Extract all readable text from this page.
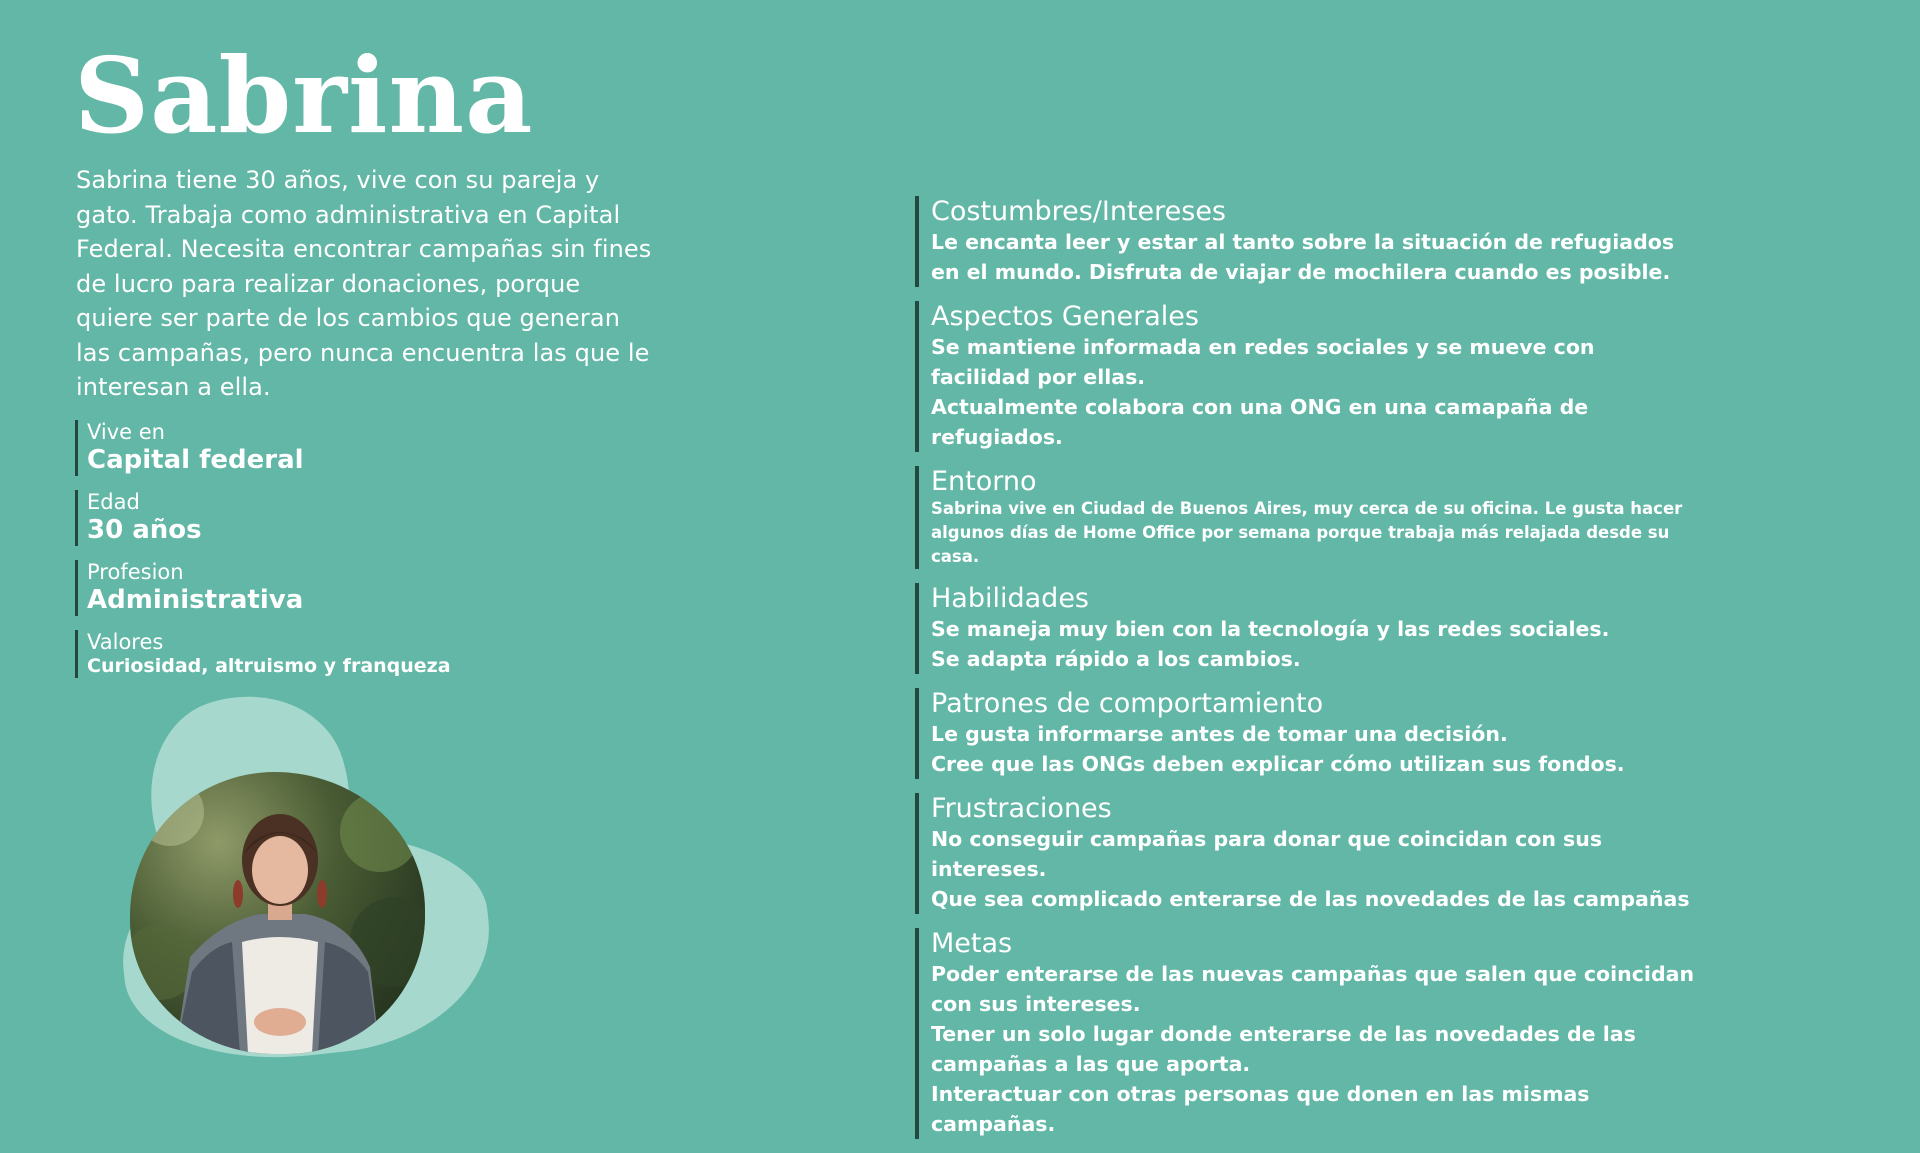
Sabrina

Sabrina tiene 30 años, vive con su pareja y gato. Trabaja como administrativa en Capital Federal. Necesita encontrar campañas sin fines de lucro para realizar donaciones, porque quiere ser parte de los cambios que generan las campañas, pero nunca encuentra las que le interesan a ella.

Vive en
Capital federal
Edad
30 años
Profesion
Administrativa
Valores
Curiosidad, altruismo y franqueza
Costumbres/Intereses
Le encanta leer y estar al tanto sobre la situación de refugiados en el mundo. Disfruta de viajar de mochilera cuando es posible.
Aspectos Generales
Se mantiene informada en redes sociales y se mueve con facilidad por ellas.
Actualmente colabora con una ONG en una camapaña de refugiados.
Entorno
Sabrina vive en Ciudad de Buenos Aires, muy cerca de su oficina. Le gusta hacer algunos días de Home Office por semana porque trabaja más relajada desde su casa.
Habilidades
Se maneja muy bien con la tecnología y las redes sociales.
Se adapta rápido a los cambios.
Patrones de comportamiento
Le gusta informarse antes de tomar una decisión.
Cree que las ONGs deben explicar cómo utilizan sus fondos.
Frustraciones
No conseguir campañas para donar que coincidan con sus intereses.
Que sea complicado enterarse de las novedades de las campañas
Metas
Poder enterarse de las nuevas campañas que salen que coincidan con sus intereses.
Tener un solo lugar donde enterarse de las novedades de las campañas a las que aporta.
Interactuar con otras personas que donen en las mismas campañas.
